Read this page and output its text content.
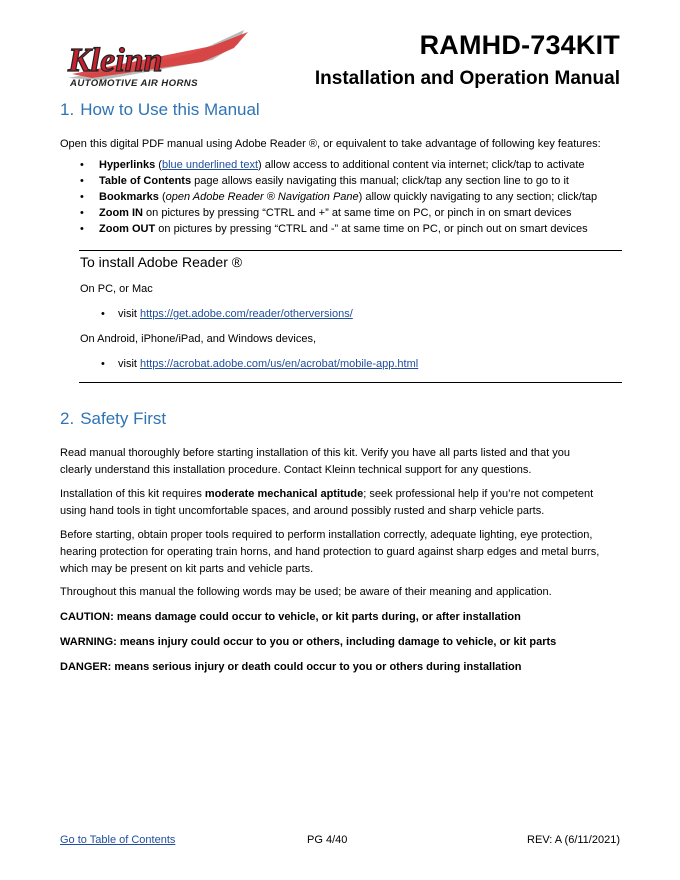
Kleinn
AUTOMOTIVE AIR HORNS
RAMHD-734KIT
Installation and Operation Manual
1. How to Use this Manual
Open this digital PDF manual using Adobe Reader ®, or equivalent to take advantage of following key features:
• Hyperlinks (blue underlined text) allow access to additional content via internet; click/tap to activate
• Table of Contents page allows easily navigating this manual; click/tap any section line to go to it
• Bookmarks (open Adobe Reader ® Navigation Pane) allow quickly navigating to any section; click/tap
• Zoom IN on pictures by pressing “CTRL and +” at same time on PC, or pinch in on smart devices
• Zoom OUT on pictures by pressing “CTRL and -” at same time on PC, or pinch out on smart devices
To install Adobe Reader ®
On PC, or Mac
• visit https://get.adobe.com/reader/otherversions/
On Android, iPhone/iPad, and Windows devices,
• visit https://acrobat.adobe.com/us/en/acrobat/mobile-app.html
2. Safety First
Read manual thoroughly before starting installation of this kit. Verify you have all parts listed and that you
clearly understand this installation procedure. Contact Kleinn technical support for any questions.
Installation of this kit requires moderate mechanical aptitude; seek professional help if you’re not competent
using hand tools in tight uncomfortable spaces, and around possibly rusted and sharp vehicle parts.
Before starting, obtain proper tools required to perform installation correctly, adequate lighting, eye protection,
hearing protection for operating train horns, and hand protection to guard against sharp edges and metal burrs,
which may be present on kit parts and vehicle parts.
Throughout this manual the following words may be used; be aware of their meaning and application.
CAUTION: means damage could occur to vehicle, or kit parts during, or after installation
WARNING: means injury could occur to you or others, including damage to vehicle, or kit parts
DANGER: means serious injury or death could occur to you or others during installation
Go to Table of Contents	PG 4/40	REV: A (6/11/2021)
